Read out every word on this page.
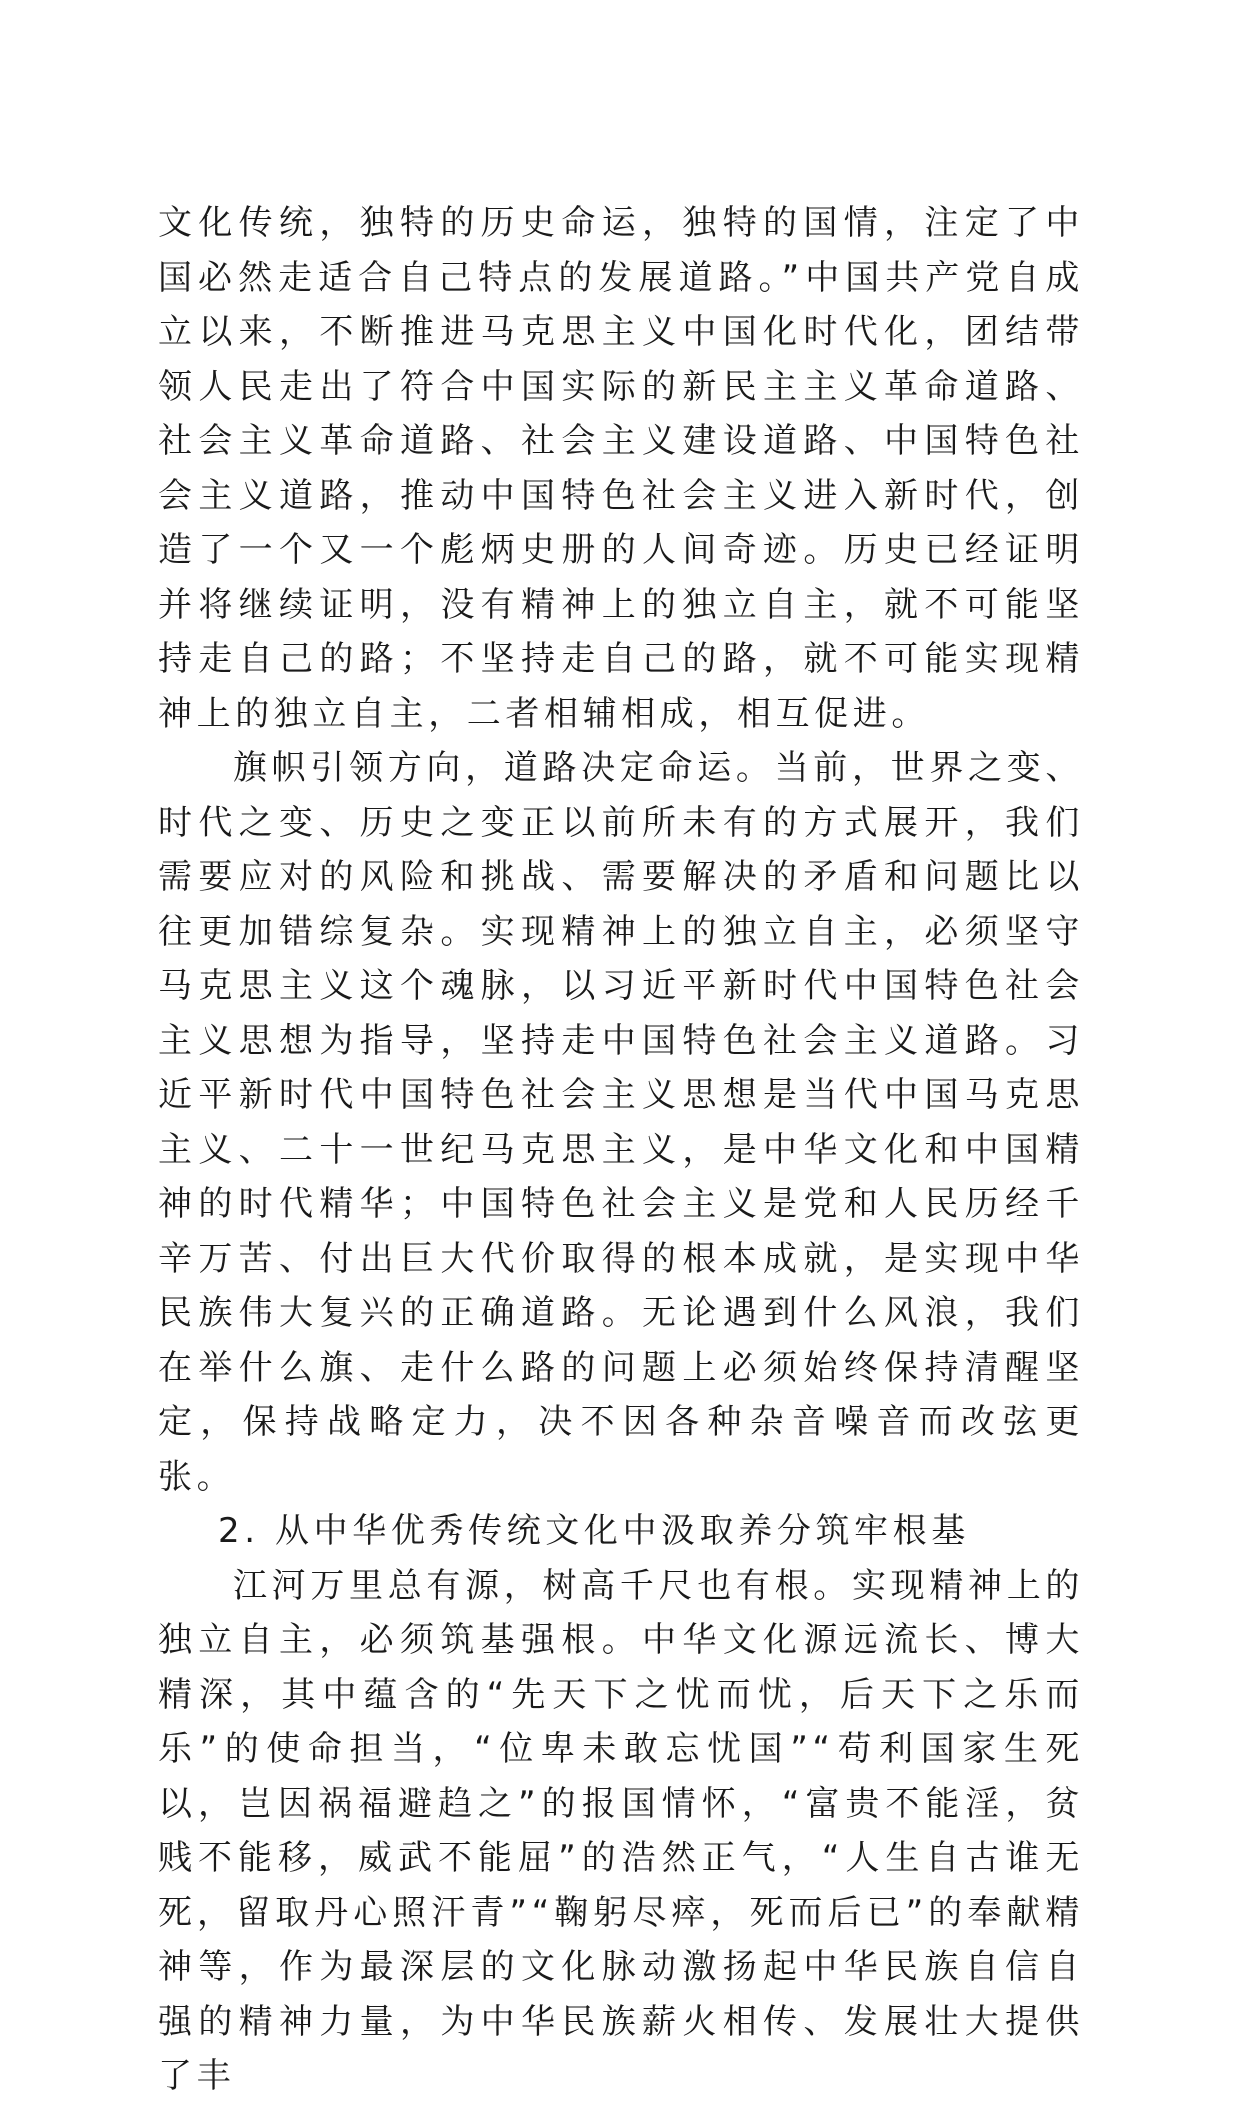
文化传统，独特的历史命运，独特的国情，注定了中国必然走适合自己特点的发展道路。”中国共产党自成立以来，不断推进马克思主义中国化时代化，团结带领人民走出了符合中国实际的新民主主义革命道路、社会主义革命道路、社会主义建设道路、中国特色社会主义道路，推动中国特色社会主义进入新时代，创造了一个又一个彪炳史册的人间奇迹。历史已经证明并将继续证明，没有精神上的独立自主，就不可能坚持走自己的路；不坚持走自己的路，就不可能实现精神上的独立自主，二者相辅相成，相互促进。

旗帜引领方向，道路决定命运。当前，世界之变、时代之变、历史之变正以前所未有的方式展开，我们需要应对的风险和挑战、需要解决的矛盾和问题比以往更加错综复杂。实现精神上的独立自主，必须坚守马克思主义这个魂脉，以习近平新时代中国特色社会主义思想为指导，坚持走中国特色社会主义道路。习近平新时代中国特色社会主义思想是当代中国马克思主义、二十一世纪马克思主义，是中华文化和中国精神的时代精华；中国特色社会主义是党和人民历经千辛万苦、付出巨大代价取得的根本成就，是实现中华民族伟大复兴的正确道路。无论遇到什么风浪，我们在举什么旗、走什么路的问题上必须始终保持清醒坚定，保持战略定力，决不因各种杂音噪音而改弦更张。

2. 从中华优秀传统文化中汲取养分筑牢根基

江河万里总有源，树高千尺也有根。实现精神上的独立自主，必须筑基强根。中华文化源远流长、博大精深，其中蕴含的“先天下之忧而忧，后天下之乐而乐”的使命担当，“位卑未敢忘忧国”“苟利国家生死以，岂因祸福避趋之”的报国情怀，“富贵不能淫，贫贱不能移，威武不能屈”的浩然正气，“人生自古谁无死，留取丹心照汗青”“鞠躬尽瘁，死而后已”的奉献精神等，作为最深层的文化脉动激扬起中华民族自信自强的精神力量，为中华民族薪火相传、发展壮大提供了丰
